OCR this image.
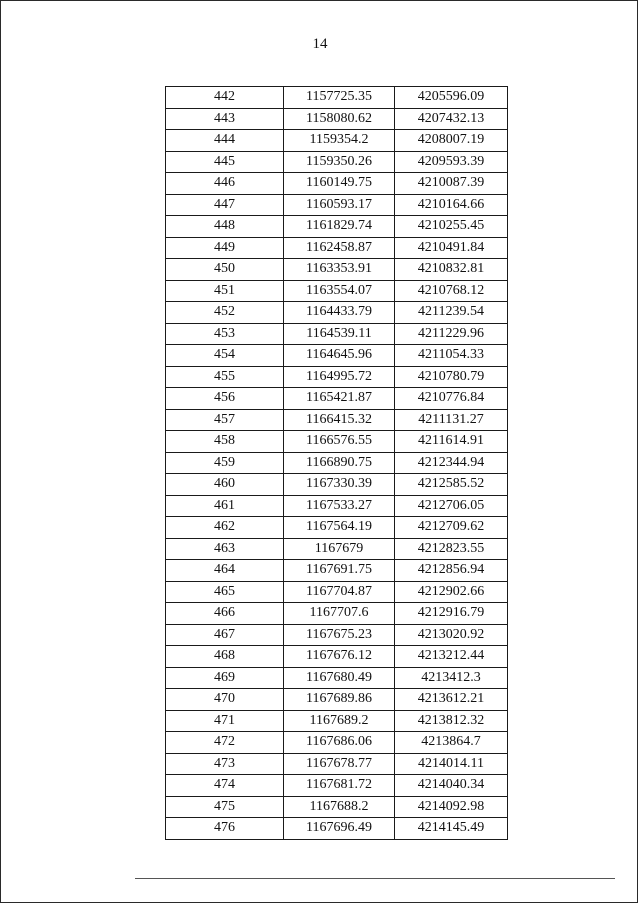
14
442	1157725.35	4205596.09
443	1158080.62	4207432.13
444	1159354.2	4208007.19
445	1159350.26	4209593.39
446	1160149.75	4210087.39
447	1160593.17	4210164.66
448	1161829.74	4210255.45
449	1162458.87	4210491.84
450	1163353.91	4210832.81
451	1163554.07	4210768.12
452	1164433.79	4211239.54
453	1164539.11	4211229.96
454	1164645.96	4211054.33
455	1164995.72	4210780.79
456	1165421.87	4210776.84
457	1166415.32	4211131.27
458	1166576.55	4211614.91
459	1166890.75	4212344.94
460	1167330.39	4212585.52
461	1167533.27	4212706.05
462	1167564.19	4212709.62
463	1167679	4212823.55
464	1167691.75	4212856.94
465	1167704.87	4212902.66
466	1167707.6	4212916.79
467	1167675.23	4213020.92
468	1167676.12	4213212.44
469	1167680.49	4213412.3
470	1167689.86	4213612.21
471	1167689.2	4213812.32
472	1167686.06	4213864.7
473	1167678.77	4214014.11
474	1167681.72	4214040.34
475	1167688.2	4214092.98
476	1167696.49	4214145.49
